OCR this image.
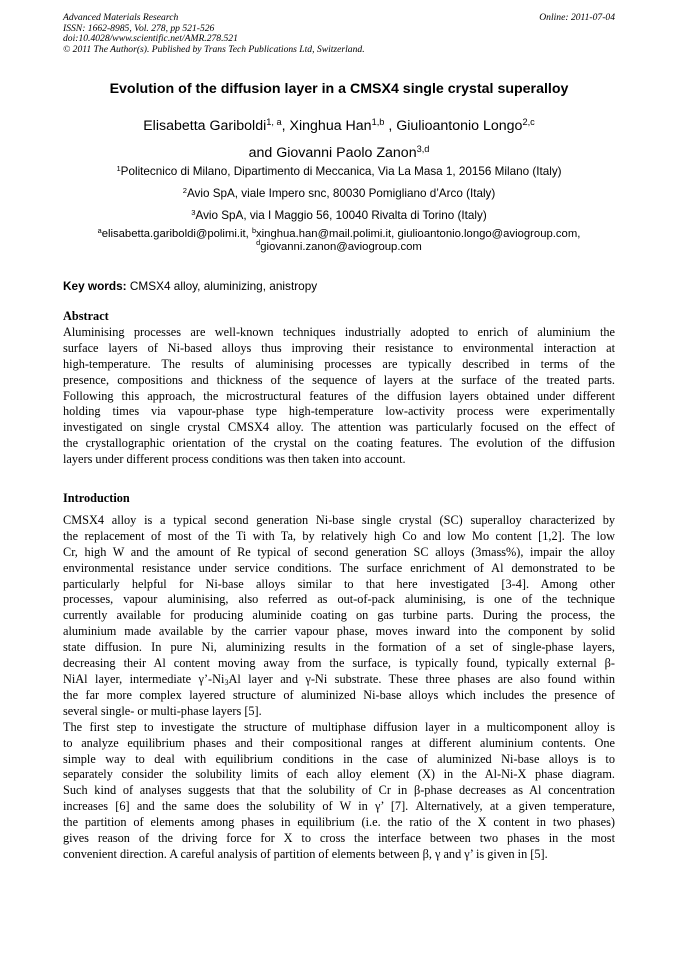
Advanced Materials Research
ISSN: 1662-8985, Vol. 278, pp 521-526
doi:10.4028/www.scientific.net/AMR.278.521
© 2011 The Author(s). Published by Trans Tech Publications Ltd, Switzerland.
Online: 2011-07-04
Evolution of the diffusion layer in a CMSX4 single crystal superalloy
Elisabetta Gariboldi$^{1, a}$, Xinghua Han$^{1,b}$ , Giulioantonio Longo$^{2,c}$
and Giovanni Paolo Zanon$^{3,d}$
$^1$Politecnico di Milano, Dipartimento di Meccanica, Via La Masa 1, 20156 Milano (Italy)
$^2$Avio SpA, viale Impero snc, 80030 Pomigliano d’Arco (Italy)
$^3$Avio SpA, via I Maggio 56, 10040 Rivalta di Torino (Italy)
$^a$elisabetta.gariboldi@polimi.it, $^b$xinghua.han@mail.polimi.it, giulioantonio.longo@aviogroup.com,
$^d$giovanni.zanon@aviogroup.com
Key words: CMSX4 alloy, aluminizing, anistropy

Abstract

Aluminising processes are well-known techniques industrially adopted to enrich of aluminium the
surface layers of Ni-based alloys thus improving their resistance to environmental interaction at
high-temperature. The results of aluminising processes are typically described in terms of the
presence, compositions and thickness of the sequence of layers at the surface of the treated parts.
Following this approach, the microstructural features of the diffusion layers obtained under different
holding times via vapour-phase type high-temperature low-activity process were experimentally
investigated on single crystal CMSX4 alloy. The attention was particularly focused on the effect of
the crystallographic orientation of the crystal on the coating features. The evolution of the diffusion
layers under different process conditions was then taken into account.

Introduction

CMSX4 alloy is a typical second generation Ni-base single crystal (SC) superalloy characterized by
the replacement of most of the Ti with Ta, by relatively high Co and low Mo content [1,2]. The low
Cr, high W and the amount of Re typical of second generation SC alloys (3mass%), impair the alloy
environmental resistance under service conditions. The surface enrichment of Al demonstrated to be
particularly helpful for Ni-base alloys similar to that here investigated [3-4]. Among other
processes, vapour aluminising, also referred as out-of-pack aluminising, is one of the technique
currently available for producing aluminide coating on gas turbine parts. During the process, the
aluminium made available by the carrier vapour phase, moves inward into the component by solid
state diffusion. In pure Ni, aluminizing results in the formation of a set of single-phase layers,
decreasing their Al content moving away from the surface, is typically found, typically external β-
NiAl layer, intermediate $\gamma’-Ni_3Al$ layer and γ-Ni substrate. These three phases are also found within
the far more complex layered structure of aluminized Ni-base alloys which includes the presence of
several single- or multi-phase layers [5].
The first step to investigate the structure of multiphase diffusion layer in a multicomponent alloy is
to analyze equilibrium phases and their compositional ranges at different aluminium contents. One
simple way to deal with equilibrium conditions in the case of aluminized Ni-base alloys is to
separately consider the solubility limits of each alloy element (X) in the Al-Ni-X phase diagram.
Such kind of analyses suggests that that the solubility of Cr in β-phase decreases as Al concentration
increases [6] and the same does the solubility of W in γ’ [7]. Alternatively, at a given temperature,
the partition of elements among phases in equilibrium (i.e. the ratio of the X content in two phases)
gives reason of the driving force for X to cross the interface between two phases in the most
convenient direction. A careful analysis of partition of elements between β, γ and γ’ is given in [5].
